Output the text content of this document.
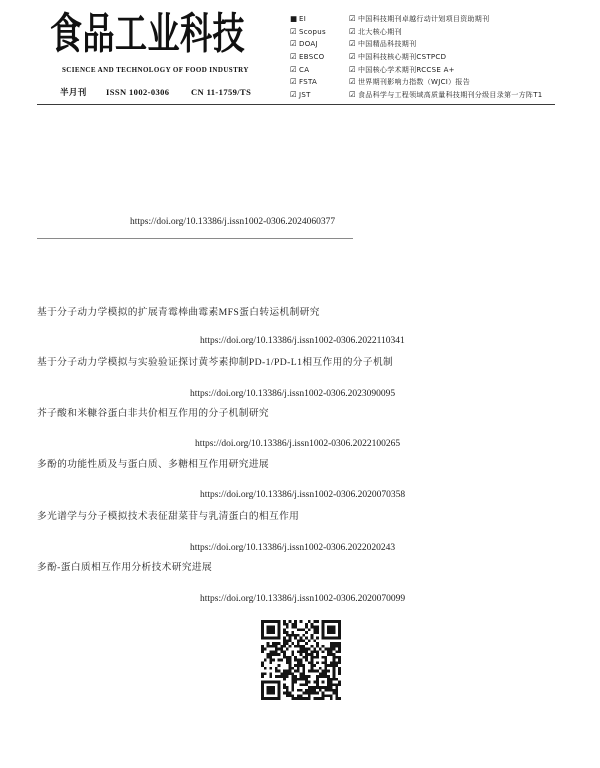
食品工业科技
SCIENCE AND TECHNOLOGY OF FOOD INDUSTRY
半月刊 ISSN 1002-0306	CN 11-1759/TS
■ EI
☑ Scopus
☑ DOAJ
☑ EBSCO
☑ CA
☑ FSTA
☑ JST
☑ 中国科技期刊卓越行动计划项目资助期刊
☑ 北大核心期刊
☑ 中国精品科技期刊
☑ 中国科技核心期刊CSTPCD
☑ 中国核心学术期刊RCCSE A+
☑ 世界期刊影响力指数（WJCI）报告
☑ 食品科学与工程领域高质量科技期刊分级目录第一方阵T1
https://doi.org/10.13386/j.issn1002-0306.2024060377
基于分子动力学模拟的扩展青霉棒曲霉素MFS蛋白转运机制研究
https://doi.org/10.13386/j.issn1002-0306.2022110341
基于分子动力学模拟与实验验证探讨黄芩素抑制PD-1/PD-L1相互作用的分子机制
https://doi.org/10.13386/j.issn1002-0306.2023090095
芥子酸和米糠谷蛋白非共价相互作用的分子机制研究
https://doi.org/10.13386/j.issn1002-0306.2022100265
多酚的功能性质及与蛋白质、多糖相互作用研究进展
https://doi.org/10.13386/j.issn1002-0306.2020070358
多光谱学与分子模拟技术表征甜菜苷与乳清蛋白的相互作用
https://doi.org/10.13386/j.issn1002-0306.2022020243
多酚-蛋白质相互作用分析技术研究进展
https://doi.org/10.13386/j.issn1002-0306.2020070099
